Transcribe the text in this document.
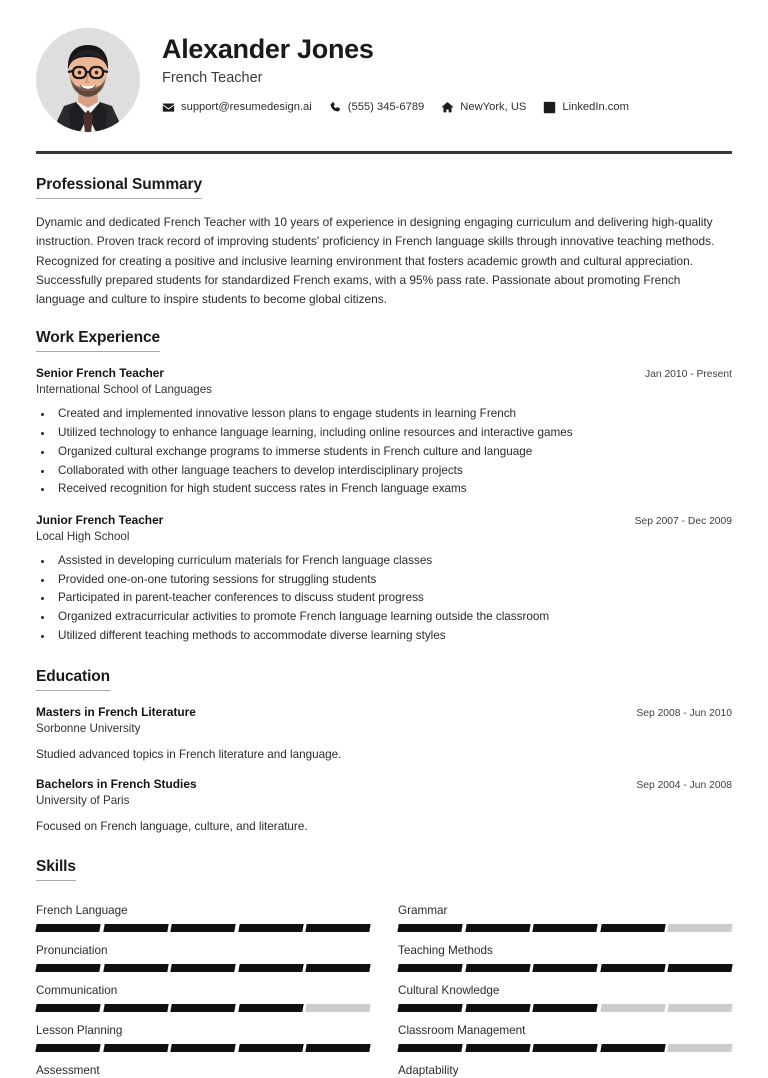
Alexander Jones
French Teacher
support@resumedesign.ai	(555) 345-6789	NewYork, US	LinkedIn.com
Professional Summary

Dynamic and dedicated French Teacher with 10 years of experience in designing engaging curriculum and delivering high-quality instruction. Proven track record of improving students' proficiency in French language skills through innovative teaching methods. Recognized for creating a positive and inclusive learning environment that fosters academic growth and cultural appreciation. Successfully prepared students for standardized French exams, with a 95% pass rate. Passionate about promoting French language and culture to inspire students to become global citizens.

Work Experience
Senior French Teacher	Jan 2010 - Present
International School of Languages
• Created and implemented innovative lesson plans to engage students in learning French
• Utilized technology to enhance language learning, including online resources and interactive games
• Organized cultural exchange programs to immerse students in French culture and language
• Collaborated with other language teachers to develop interdisciplinary projects
• Received recognition for high student success rates in French language exams
Junior French Teacher	Sep 2007 - Dec 2009
Local High School
• Assisted in developing curriculum materials for French language classes
• Provided one-on-one tutoring sessions for struggling students
• Participated in parent-teacher conferences to discuss student progress
• Organized extracurricular activities to promote French language learning outside the classroom
• Utilized different teaching methods to accommodate diverse learning styles
Education
Masters in French Literature	Sep 2008 - Jun 2010
Sorbonne University
Studied advanced topics in French literature and language.
Bachelors in French Studies	Sep 2004 - Jun 2008
University of Paris
Focused on French language, culture, and literature.
Skills
French Language	Grammar
Pronunciation	Teaching Methods
Communication	Cultural Knowledge
Lesson Planning	Classroom Management
Assessment	Adaptability
